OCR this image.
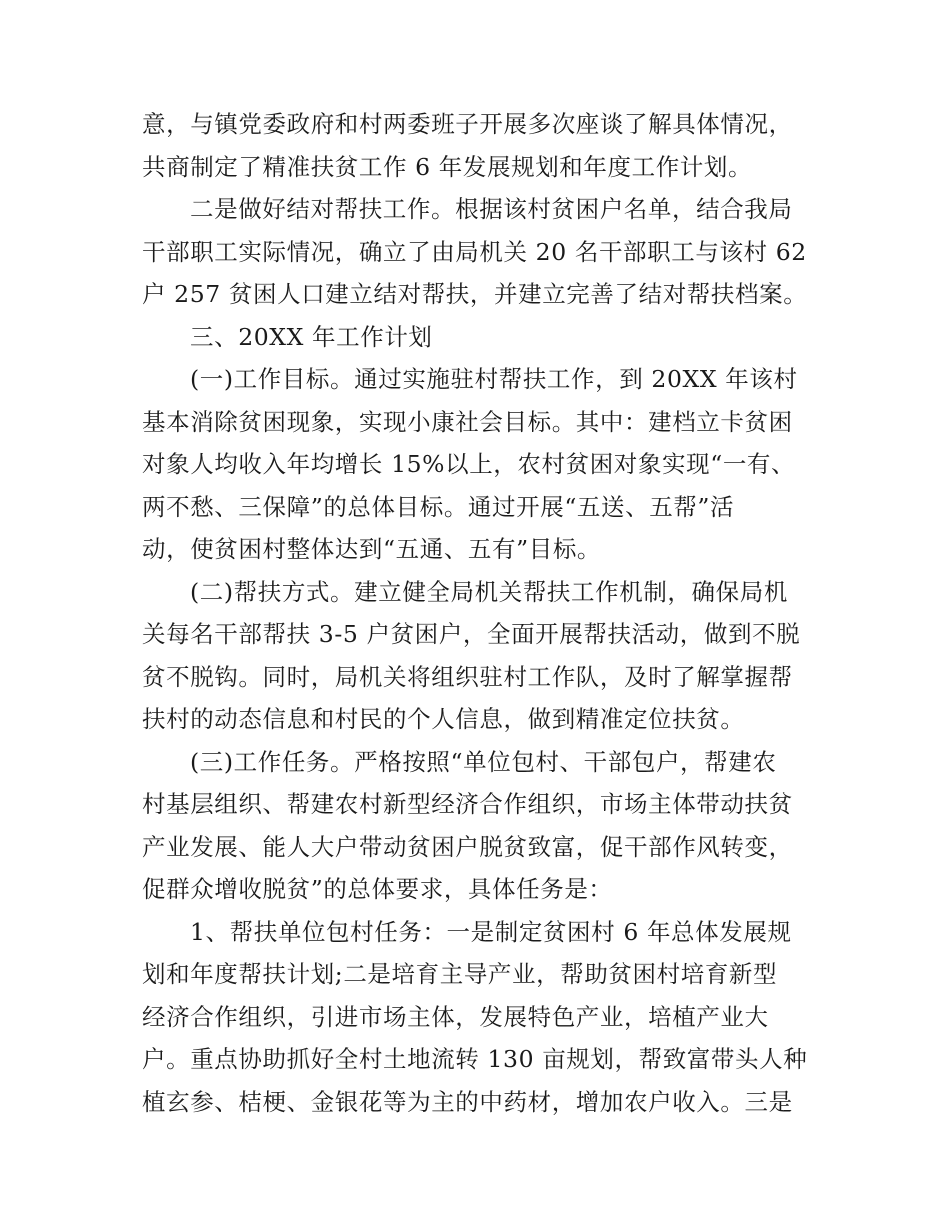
意，与镇党委政府和村两委班子开展多次座谈了解具体情况，
共商制定了精准扶贫工作 6 年发展规划和年度工作计划。
二是做好结对帮扶工作。根据该村贫困户名单，结合我局
干部职工实际情况，确立了由局机关 20 名干部职工与该村 62
户 257 贫困人口建立结对帮扶，并建立完善了结对帮扶档案。
三、20XX 年工作计划
(一)工作目标。通过实施驻村帮扶工作，到 20XX 年该村
基本消除贫困现象，实现小康社会目标。其中：建档立卡贫困
对象人均收入年均增长 15%以上，农村贫困对象实现“一有、
两不愁、三保障”的总体目标。通过开展“五送、五帮”活
动，使贫困村整体达到“五通、五有”目标。
(二)帮扶方式。建立健全局机关帮扶工作机制，确保局机
关每名干部帮扶 3-5 户贫困户，全面开展帮扶活动，做到不脱
贫不脱钩。同时，局机关将组织驻村工作队，及时了解掌握帮
扶村的动态信息和村民的个人信息，做到精准定位扶贫。
(三)工作任务。严格按照“单位包村、干部包户，帮建农
村基层组织、帮建农村新型经济合作组织，市场主体带动扶贫
产业发展、能人大户带动贫困户脱贫致富，促干部作风转变，
促群众增收脱贫”的总体要求，具体任务是：
1、帮扶单位包村任务：一是制定贫困村 6 年总体发展规
划和年度帮扶计划;二是培育主导产业，帮助贫困村培育新型
经济合作组织，引进市场主体，发展特色产业，培植产业大
户。重点协助抓好全村土地流转 130 亩规划，帮致富带头人种
植玄参、桔梗、金银花等为主的中药材，增加农户收入。三是
